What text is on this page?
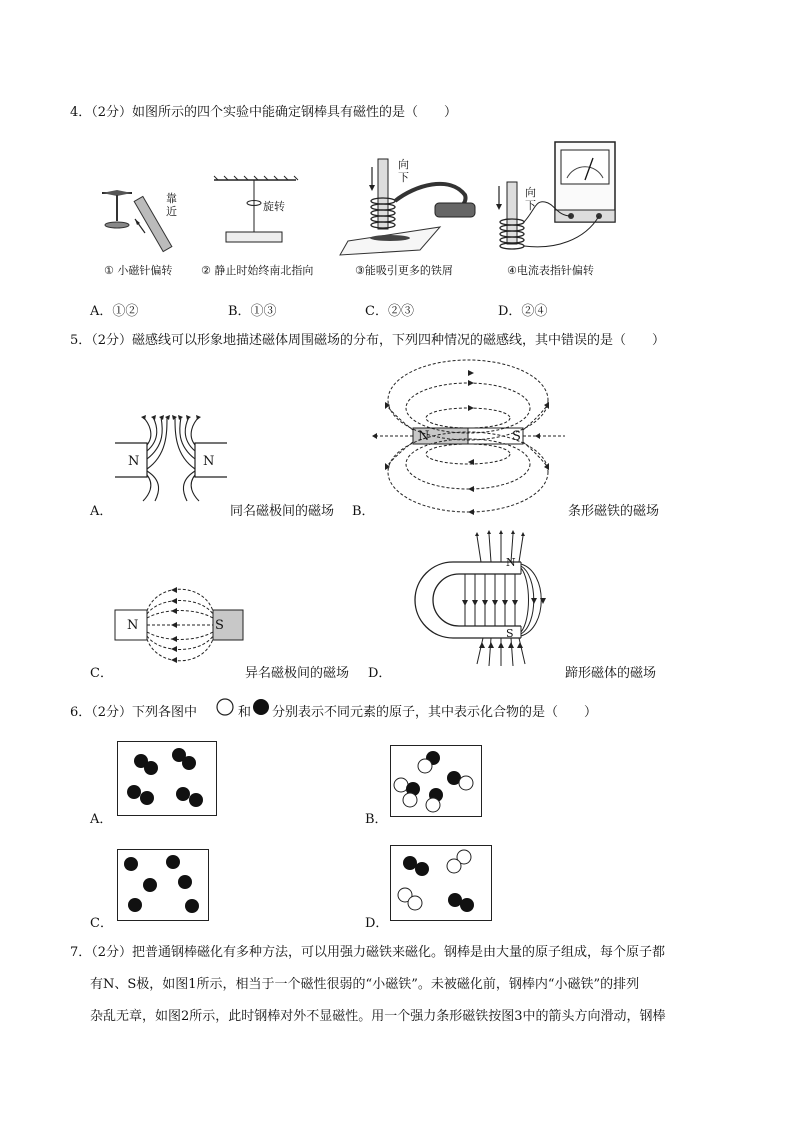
4．（2分）如图所示的四个实验中能确定钢棒具有磁性的是（　　）
靠近	旋转
向下
向下
① 小磁针偏转	② 静止时始终南北指向	③能吸引更多的铁屑	④电流表指针偏转
A．①②	B．①③	C．②③	D．②④
5．（2分）磁感线可以形象地描述磁体周围磁场的分布，下列四种情况的磁感线，其中错误的是（　　）
N	N
A．	同名磁极间的磁场
N	S
B．	条形磁铁的磁场
N	S
C．	异名磁极间的磁场
N
S
D．	蹄形磁体的磁场
6．（2分）下列各图中	和 分别表示不同元素的原子，其中表示化合物的是（　　）
A．	B．
C．	D．
7．（2分）把普通钢棒磁化有多种方法，可以用强力磁铁来磁化。钢棒是由大量的原子组成，每个原子都
有N、S极，如图1所示，相当于一个磁性很弱的“小磁铁”。未被磁化前，钢棒内“小磁铁”的排列
杂乱无章，如图2所示，此时钢棒对外不显磁性。用一个强力条形磁铁按图3中的箭头方向滑动，钢棒
